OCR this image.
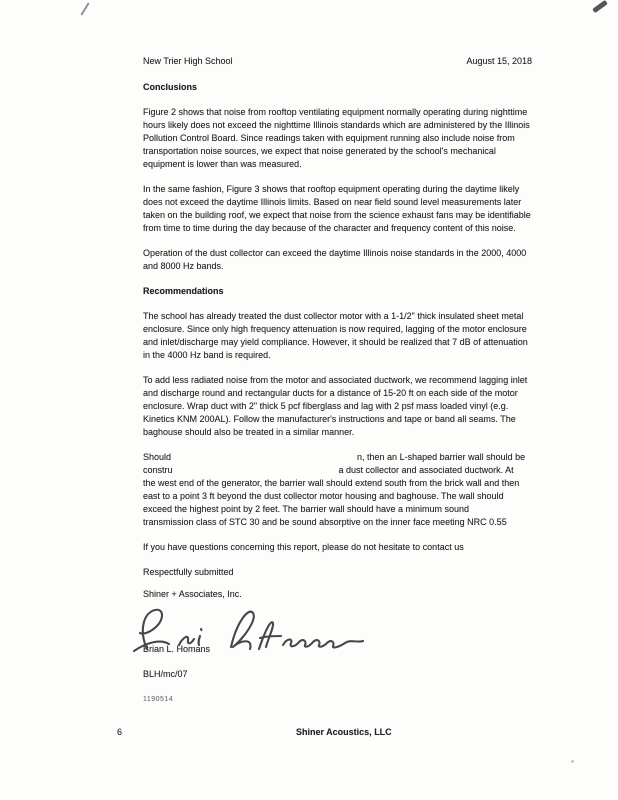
New Trier High School	August 15, 2018
Conclusions

Figure 2 shows that noise from rooftop ventilating equipment normally operating during nighttime hours likely does not exceed the nighttime Illinois standards which are administered by the Illinois Pollution Control Board. Since readings taken with equipment running also include noise from transportation noise sources, we expect that noise generated by the school's mechanical equipment is lower than was measured.

In the same fashion, Figure 3 shows that rooftop equipment operating during the daytime likely does not exceed the daytime Illinois limits. Based on near field sound level measurements later taken on the building roof, we expect that noise from the science exhaust fans may be identifiable from time to time during the day because of the character and frequency content of this noise.

Operation of the dust collector can exceed the daytime Illinois noise standards in the 2000, 4000 and 8000 Hz bands.

Recommendations

The school has already treated the dust collector motor with a 1-1/2" thick insulated sheet metal enclosure. Since only high frequency attenuation is now required, lagging of the motor enclosure and inlet/discharge may yield compliance. However, it should be realized that 7 dB of attenuation in the 4000 Hz band is required.

To add less radiated noise from the motor and associated ductwork, we recommend lagging inlet and discharge round and rectangular ducts for a distance of 15-20 ft on each side of the motor enclosure. Wrap duct with 2" thick 5 pcf fiberglass and lag with 2 psf mass loaded vinyl (e.g. Kinetics KNM 200AL). Follow the manufacturer's instructions and tape or band all seams. The baghouse should also be treated in a similar manner.

Should	n, then an L-shaped barrier wall should be
constru	a dust collector and associated ductwork. At
the west end of the generator, the barrier wall should extend south from the brick wall and then
east to a point 3 ft beyond the dust collector motor housing and baghouse. The wall should
exceed the highest point by 2 feet. The barrier wall should have a minimum sound
transmission class of STC 30 and be sound absorptive on the inner face meeting NRC 0.55

If you have questions concerning this report, please do not hesitate to contact us

Respectfully submitted

Shiner + Associates, Inc.

Brian L. Homans

BLH/mc/07

1190514

6	Shiner Acoustics, LLC
